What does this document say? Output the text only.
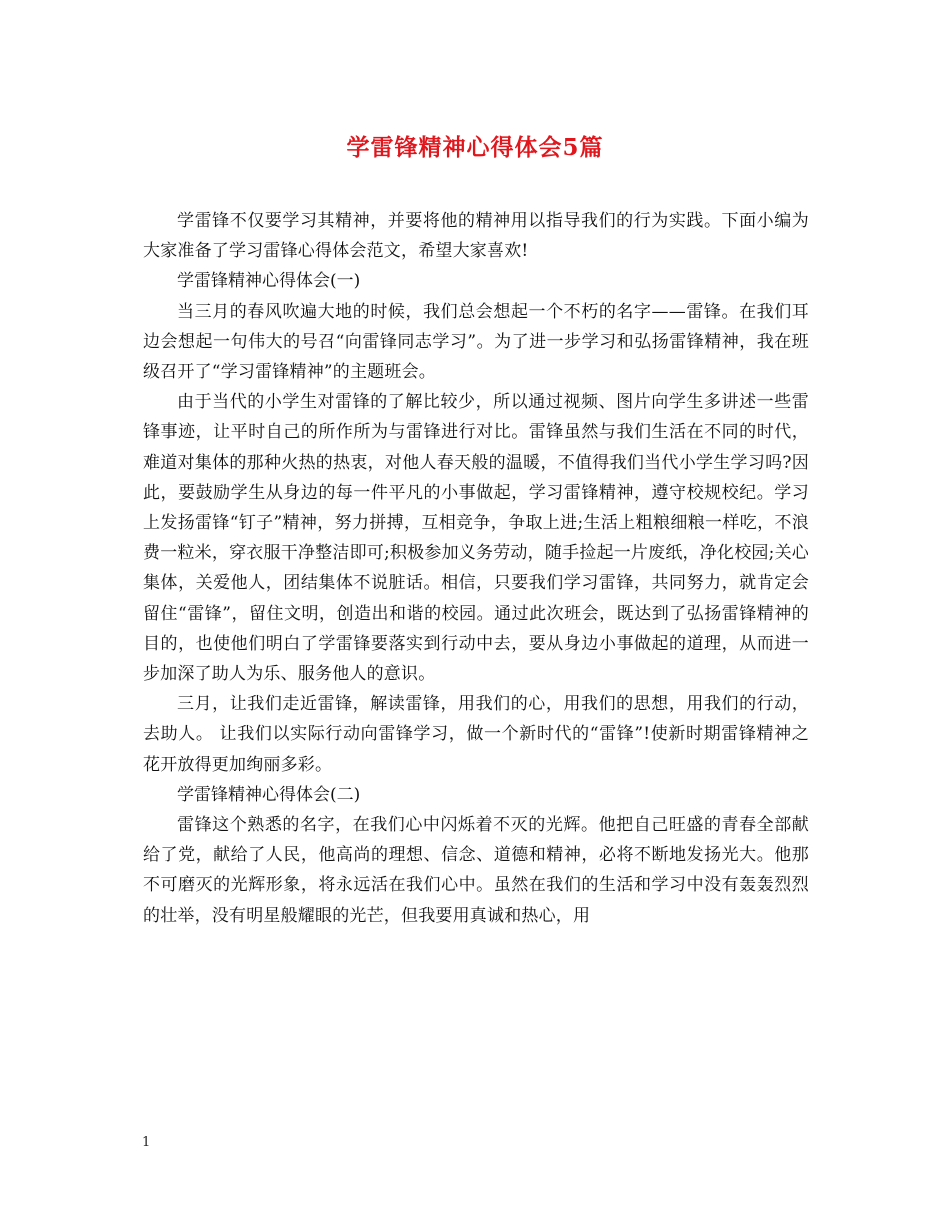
学雷锋精神心得体会5篇

学雷锋不仅要学习其精神，并要将他的精神用以指导我们的行为实践。下面小编为大家准备了学习雷锋心得体会范文，希望大家喜欢!

学雷锋精神心得体会(一)

当三月的春风吹遍大地的时候，我们总会想起一个不朽的名字——雷锋。在我们耳边会想起一句伟大的号召“向雷锋同志学习”。为了进一步学习和弘扬雷锋精神，我在班级召开了“学习雷锋精神”的主题班会。

由于当代的小学生对雷锋的了解比较少，所以通过视频、图片向学生多讲述一些雷锋事迹，让平时自己的所作所为与雷锋进行对比。雷锋虽然与我们生活在不同的时代，难道对集体的那种火热的热衷，对他人春天般的温暖，不值得我们当代小学生学习吗?因此，要鼓励学生从身边的每一件平凡的小事做起，学习雷锋精神，遵守校规校纪。学习上发扬雷锋“钉子”精神，努力拼搏，互相竞争，争取上进;生活上粗粮细粮一样吃，不浪费一粒米，穿衣服干净整洁即可;积极参加义务劳动，随手捡起一片废纸，净化校园;关心集体，关爱他人，团结集体不说脏话。相信，只要我们学习雷锋，共同努力，就肯定会留住“雷锋”，留住文明，创造出和谐的校园。通过此次班会，既达到了弘扬雷锋精神的目的，也使他们明白了学雷锋要落实到行动中去，要从身边小事做起的道理，从而进一步加深了助人为乐、服务他人的意识。

三月，让我们走近雷锋，解读雷锋，用我们的心，用我们的思想，用我们的行动，去助人。 让我们以实际行动向雷锋学习，做一个新时代的“雷锋”!使新时期雷锋精神之花开放得更加绚丽多彩。

学雷锋精神心得体会(二)

雷锋这个熟悉的名字，在我们心中闪烁着不灭的光辉。他把自己旺盛的青春全部献给了党，献给了人民，他高尚的理想、信念、道德和精神，必将不断地发扬光大。他那不可磨灭的光辉形象，将永远活在我们心中。虽然在我们的生活和学习中没有轰轰烈烈的壮举，没有明星般耀眼的光芒，但我要用真诚和热心，用

1
